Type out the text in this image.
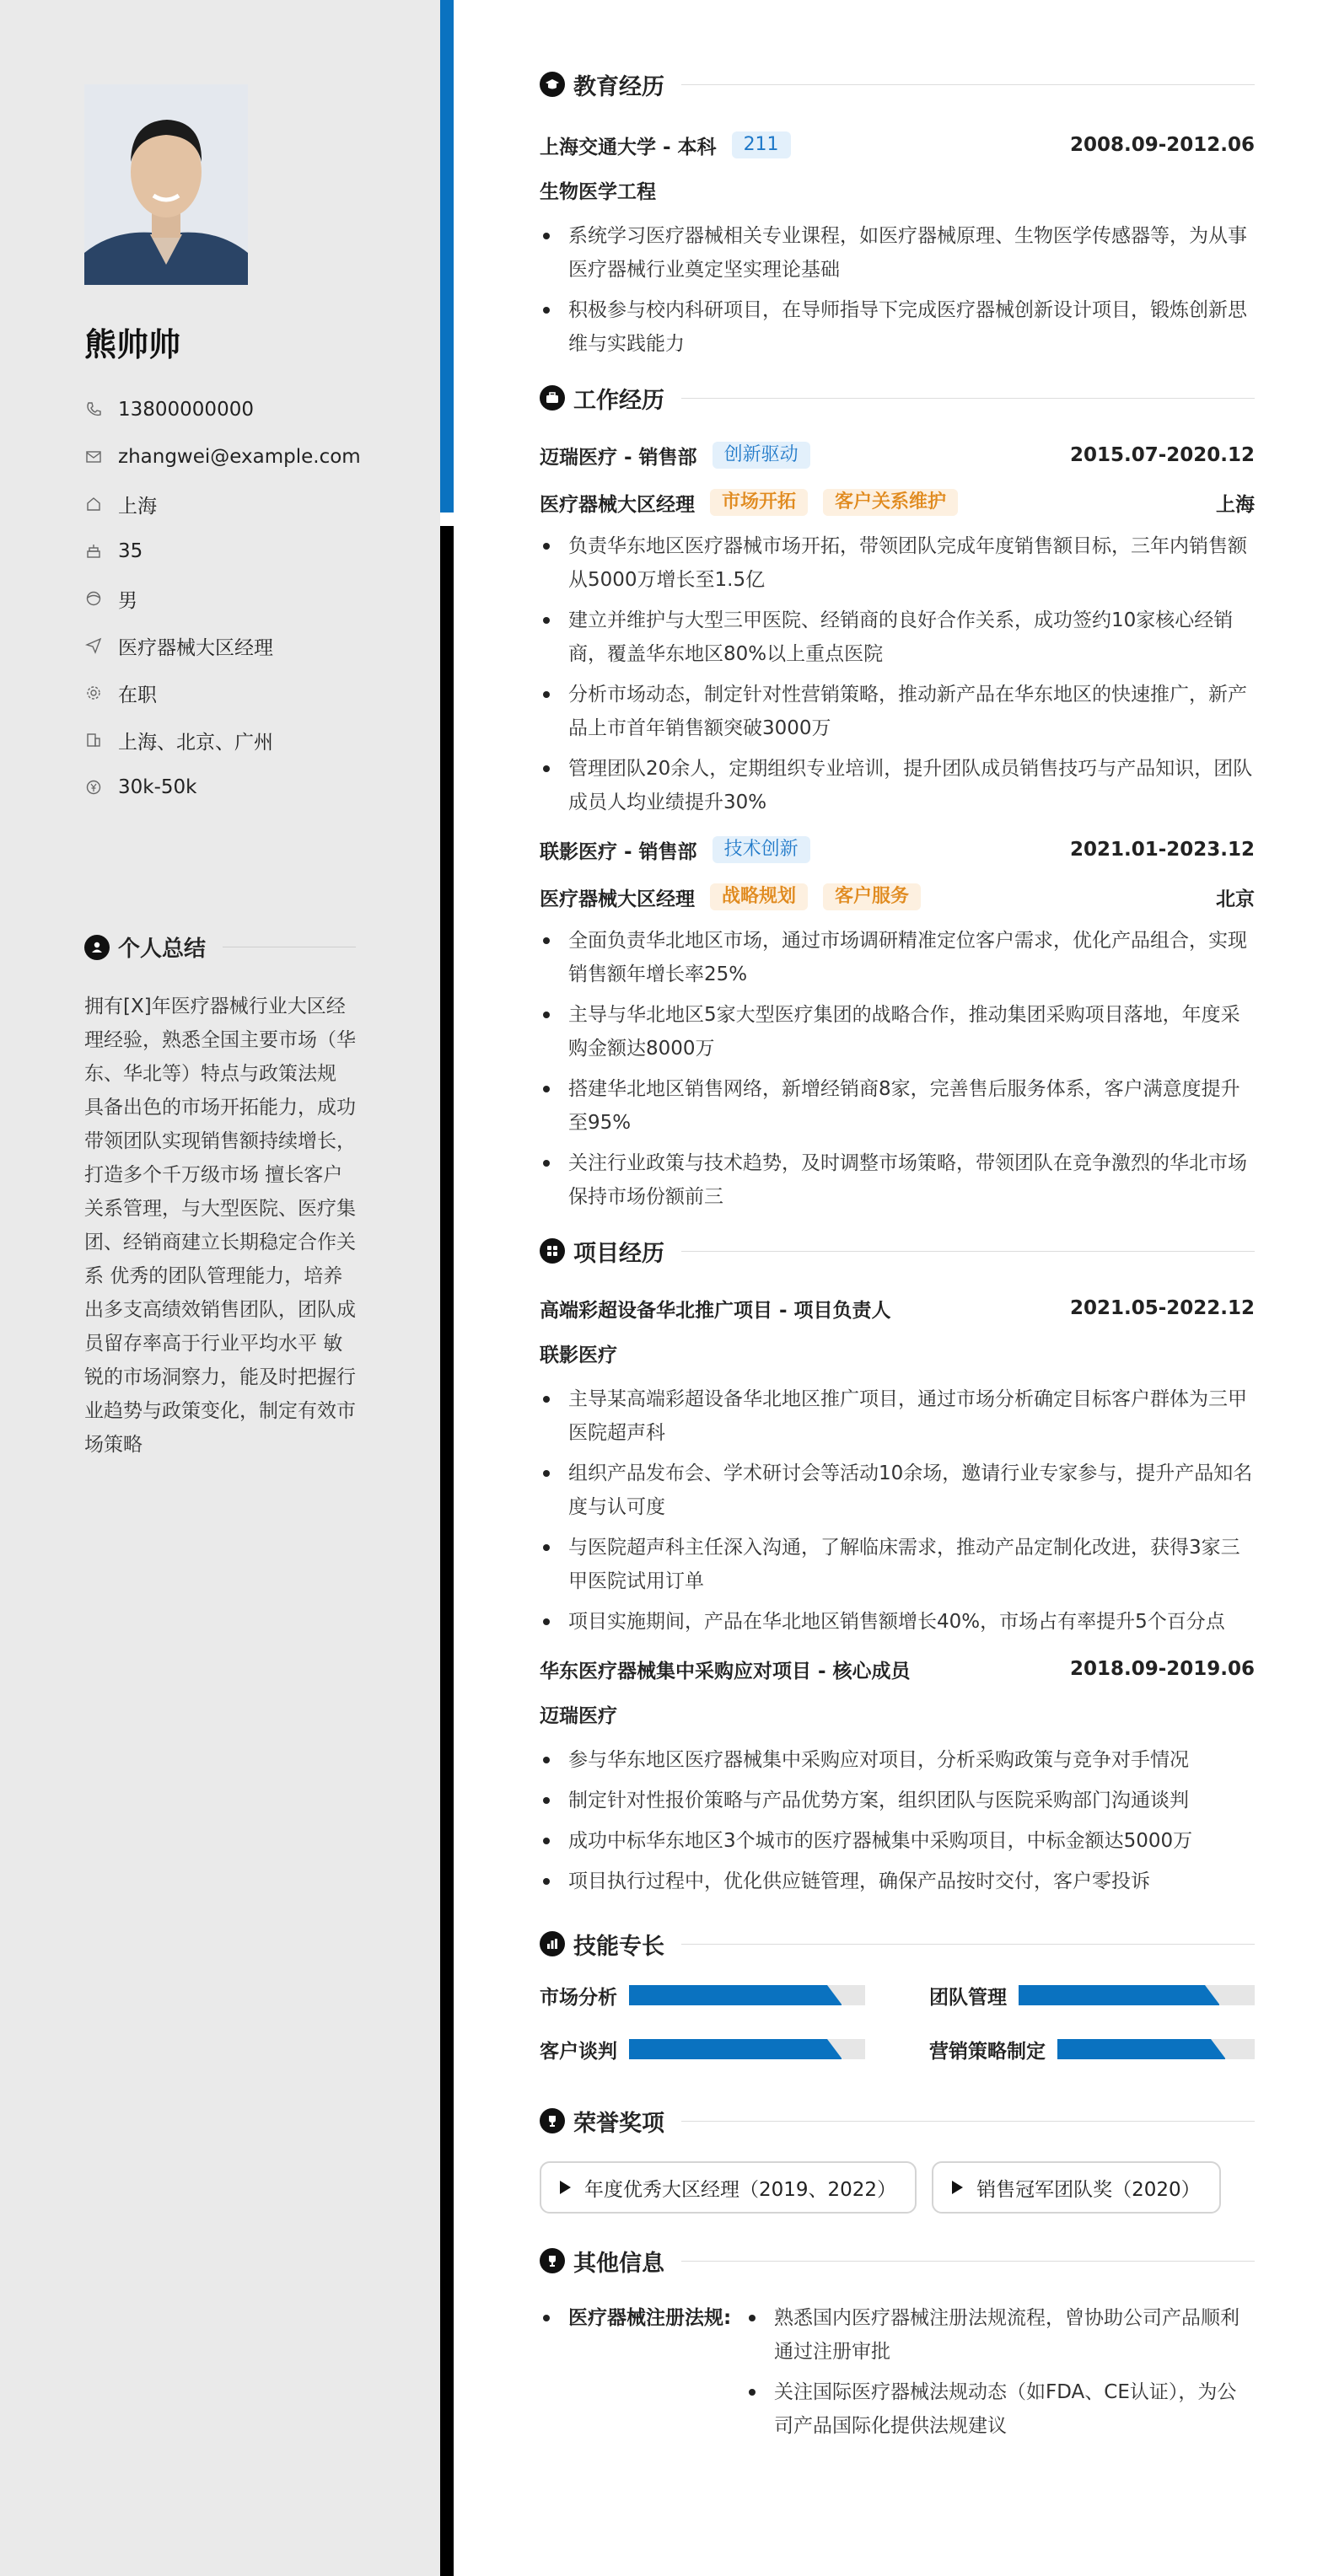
熊帅帅
13800000000
zhangwei@example.com
上海
35
男
医疗器械大区经理
在职
上海、北京、广州
30k-50k
个人总结
拥有[X]年医疗器械行业大区经理经验，熟悉全国主要市场（华东、华北等）特点与政策法规 具备出色的市场开拓能力，成功带领团队实现销售额持续增长，打造多个千万级市场 擅长客户关系管理，与大型医院、医疗集团、经销商建立长期稳定合作关系 优秀的团队管理能力，培养出多支高绩效销售团队，团队成员留存率高于行业平均水平 敏锐的市场洞察力，能及时把握行业趋势与政策变化，制定有效市场策略
教育经历
上海交通大学 - 本科	211	2008.09-2012.06
生物医学工程
系统学习医疗器械相关专业课程，如医疗器械原理、生物医学传感器等，为从事医疗器械行业奠定坚实理论基础
积极参与校内科研项目，在导师指导下完成医疗器械创新设计项目，锻炼创新思维与实践能力
工作经历
迈瑞医疗 - 销售部	创新驱动	2015.07-2020.12
医疗器械大区经理	市场开拓	客户关系维护	上海
负责华东地区医疗器械市场开拓，带领团队完成年度销售额目标，三年内销售额从5000万增长至1.5亿
建立并维护与大型三甲医院、经销商的良好合作关系，成功签约10家核心经销商，覆盖华东地区80%以上重点医院
分析市场动态，制定针对性营销策略，推动新产品在华东地区的快速推广，新产品上市首年销售额突破3000万
管理团队20余人，定期组织专业培训，提升团队成员销售技巧与产品知识，团队成员人均业绩提升30%
联影医疗 - 销售部	技术创新	2021.01-2023.12
医疗器械大区经理	战略规划	客户服务	北京
全面负责华北地区市场，通过市场调研精准定位客户需求，优化产品组合，实现销售额年增长率25%
主导与华北地区5家大型医疗集团的战略合作，推动集团采购项目落地，年度采购金额达8000万
搭建华北地区销售网络，新增经销商8家，完善售后服务体系，客户满意度提升至95%
关注行业政策与技术趋势，及时调整市场策略，带领团队在竞争激烈的华北市场保持市场份额前三
项目经历
高端彩超设备华北推广项目 - 项目负责人	2021.05-2022.12
联影医疗
主导某高端彩超设备华北地区推广项目，通过市场分析确定目标客户群体为三甲医院超声科
组织产品发布会、学术研讨会等活动10余场，邀请行业专家参与，提升产品知名度与认可度
与医院超声科主任深入沟通，了解临床需求，推动产品定制化改进，获得3家三甲医院试用订单
项目实施期间，产品在华北地区销售额增长40%，市场占有率提升5个百分点
华东医疗器械集中采购应对项目 - 核心成员	2018.09-2019.06
迈瑞医疗
参与华东地区医疗器械集中采购应对项目，分析采购政策与竞争对手情况
制定针对性报价策略与产品优势方案，组织团队与医院采购部门沟通谈判
成功中标华东地区3个城市的医疗器械集中采购项目，中标金额达5000万
项目执行过程中，优化供应链管理，确保产品按时交付，客户零投诉
技能专长
市场分析	团队管理
客户谈判	营销策略制定
荣誉奖项
年度优秀大区经理（2019、2022）	销售冠军团队奖（2020）
其他信息
医疗器械注册法规:	熟悉国内医疗器械注册法规流程，曾协助公司产品顺利通过注册审批
关注国际医疗器械法规动态（如FDA、CE认证），为公司产品国际化提供法规建议
